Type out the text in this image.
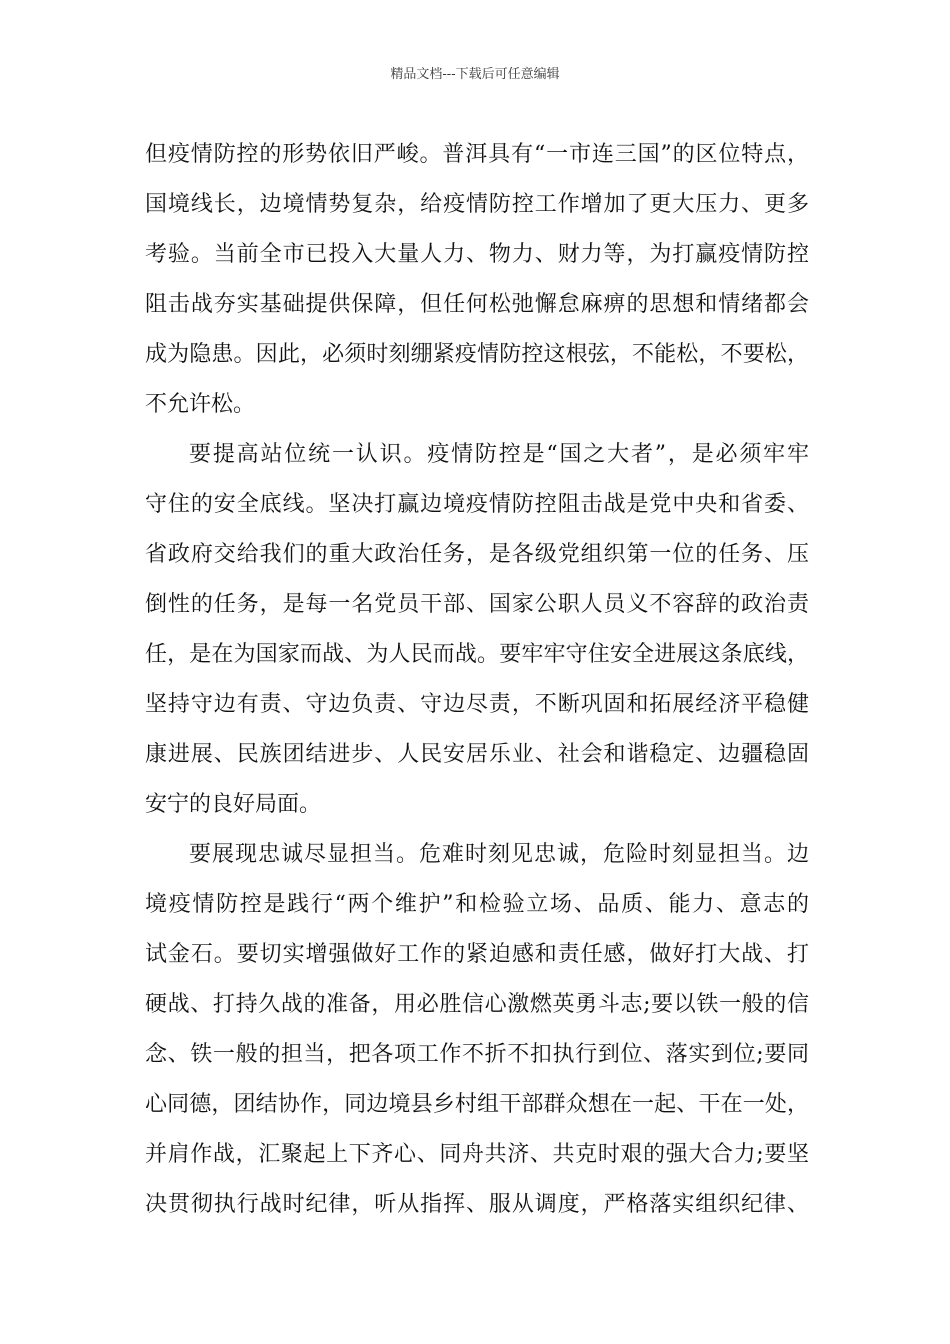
精品文档---下载后可任意编辑
但疫情防控的形势依旧严峻。普洱具有“一市连三国”的区位特点，
国境线长，边境情势复杂，给疫情防控工作增加了更大压力、更多
考验。当前全市已投入大量人力、物力、财力等，为打赢疫情防控
阻击战夯实基础提供保障，但任何松弛懈怠麻痹的思想和情绪都会
成为隐患。因此，必须时刻绷紧疫情防控这根弦，不能松，不要松，
不允许松。
要提高站位统一认识。疫情防控是“国之大者”，是必须牢牢
守住的安全底线。坚决打赢边境疫情防控阻击战是党中央和省委、
省政府交给我们的重大政治任务，是各级党组织第一位的任务、压
倒性的任务，是每一名党员干部、国家公职人员义不容辞的政治责
任，是在为国家而战、为人民而战。要牢牢守住安全进展这条底线，
坚持守边有责、守边负责、守边尽责，不断巩固和拓展经济平稳健
康进展、民族团结进步、人民安居乐业、社会和谐稳定、边疆稳固
安宁的良好局面。
要展现忠诚尽显担当。危难时刻见忠诚，危险时刻显担当。边
境疫情防控是践行“两个维护”和检验立场、品质、能力、意志的
试金石。要切实增强做好工作的紧迫感和责任感，做好打大战、打
硬战、打持久战的准备，用必胜信心激燃英勇斗志;要以铁一般的信
念、铁一般的担当，把各项工作不折不扣执行到位、落实到位;要同
心同德，团结协作，同边境县乡村组干部群众想在一起、干在一处，
并肩作战，汇聚起上下齐心、同舟共济、共克时艰的强大合力;要坚
决贯彻执行战时纪律，听从指挥、服从调度，严格落实组织纪律、
